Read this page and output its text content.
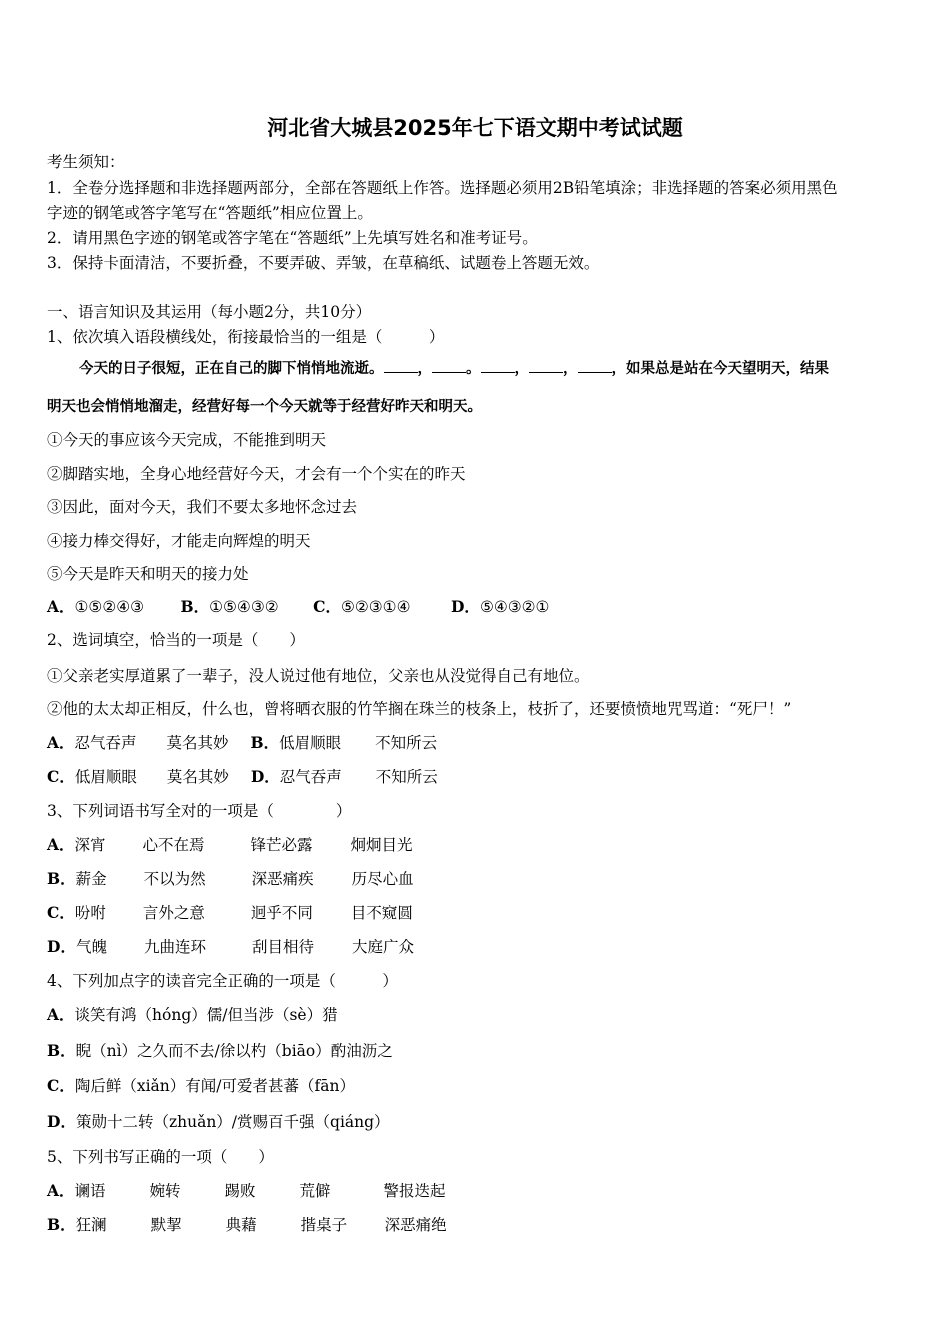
河北省大城县2025年七下语文期中考试试题
考生须知：
1．全卷分选择题和非选择题两部分，全部在答题纸上作答。选择题必须用2B铅笔填涂；非选择题的答案必须用黑色
字迹的钢笔或答字笔写在“答题纸”相应位置上。
2．请用黑色字迹的钢笔或答字笔在“答题纸”上先填写姓名和准考证号。
3．保持卡面清洁，不要折叠，不要弄破、弄皱，在草稿纸、试题卷上答题无效。
一、语言知识及其运用（每小题2分，共10分）
1、依次填入语段横线处，衔接最恰当的一组是（　　　）
今天的日子很短，正在自己的脚下悄悄地流逝。 ， 。 ， ， ，如果总是站在今天望明天，结果
明天也会悄悄地溜走，经营好每一个今天就等于经营好昨天和明天。
①今天的事应该今天完成，不能推到明天
②脚踏实地，全身心地经营好今天，才会有一个个实在的昨天
③因此，面对今天，我们不要太多地怀念过去
④接力棒交得好，才能走向辉煌的明天
⑤今天是昨天和明天的接力处
A．①⑤②④③ B．①⑤④③② C．⑤②③①④	D．⑤④③②①
2、选词填空，恰当的一项是（　　）
①父亲老实厚道累了一辈子，没人说过他有地位，父亲也从没觉得自己有地位。
②他的太太却正相反，什么也，曾将晒衣服的竹竿搁在珠兰的枝条上，枝折了，还要愤愤地咒骂道：“死尸！”
A．忍气吞声 莫名其妙 B．低眉顺眼 不知所云
C．低眉顺眼 莫名其妙 D．忍气吞声 不知所云
3、下列词语书写全对的一项是（　　　　）
A．深宵 心不在焉	锋芒必露 炯炯目光
B．薪金 不以为然	深恶痛疾 历尽心血
C．吩咐 言外之意	迥乎不同 目不窥圆
D．气魄 九曲连环	刮目相待 大庭广众
4、下列加点字的读音完全正确的一项是（　　　）
A．谈笑有鸿（hóng）儒/但当涉（sè）猎
B．睨（nì）之久而不去/徐以杓（biāo）酌油沥之
C．陶后鲜（xiǎn）有闻/可爱者甚蕃（fān）
D．策勋十二转（zhuǎn）/赏赐百千强（qiáng）
5、下列书写正确的一项（　　）
A．谰语	婉转	踢败	荒僻	警报迭起
B．狂澜	默挈	典藉	揩桌子 深恶痛绝
